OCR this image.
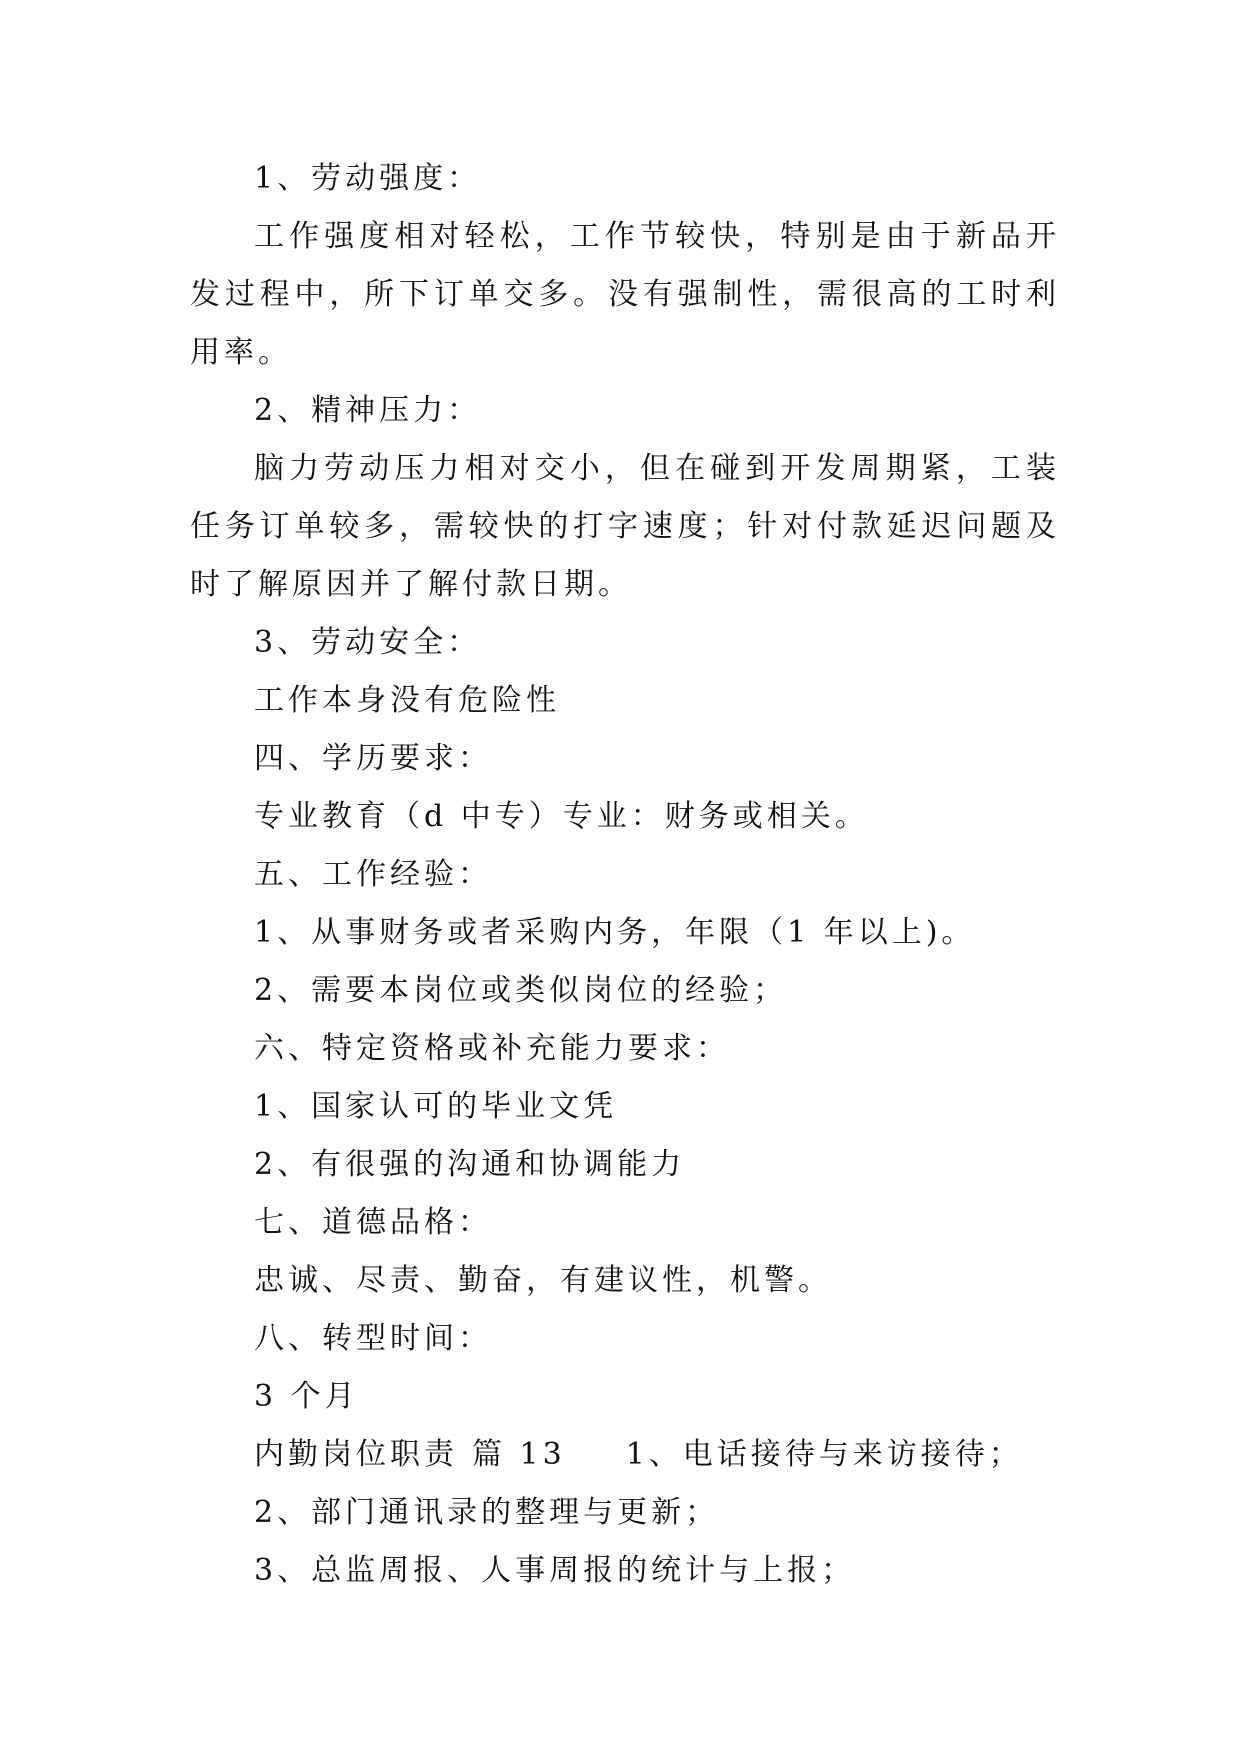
1、劳动强度：

工作强度相对轻松，工作节较快，特别是由于新品开发过程中，所下订单交多。没有强制性，需很高的工时利用率。

2、精神压力：

脑力劳动压力相对交小，但在碰到开发周期紧，工装任务订单较多，需较快的打字速度；针对付款延迟问题及时了解原因并了解付款日期。

3、劳动安全：

工作本身没有危险性

四、学历要求：

专业教育（d 中专）专业：财务或相关。

五、工作经验：

1、从事财务或者采购内务，年限（1 年以上)。

2、需要本岗位或类似岗位的经验；

六、特定资格或补充能力要求：

1、国家认可的毕业文凭

2、有很强的沟通和协调能力

七、道德品格：

忠诚、尽责、勤奋，有建议性，机警。

八、转型时间：

3 个月

内勤岗位职责 篇 13 1、电话接待与来访接待；

2、部门通讯录的整理与更新；

3、总监周报、人事周报的统计与上报；
